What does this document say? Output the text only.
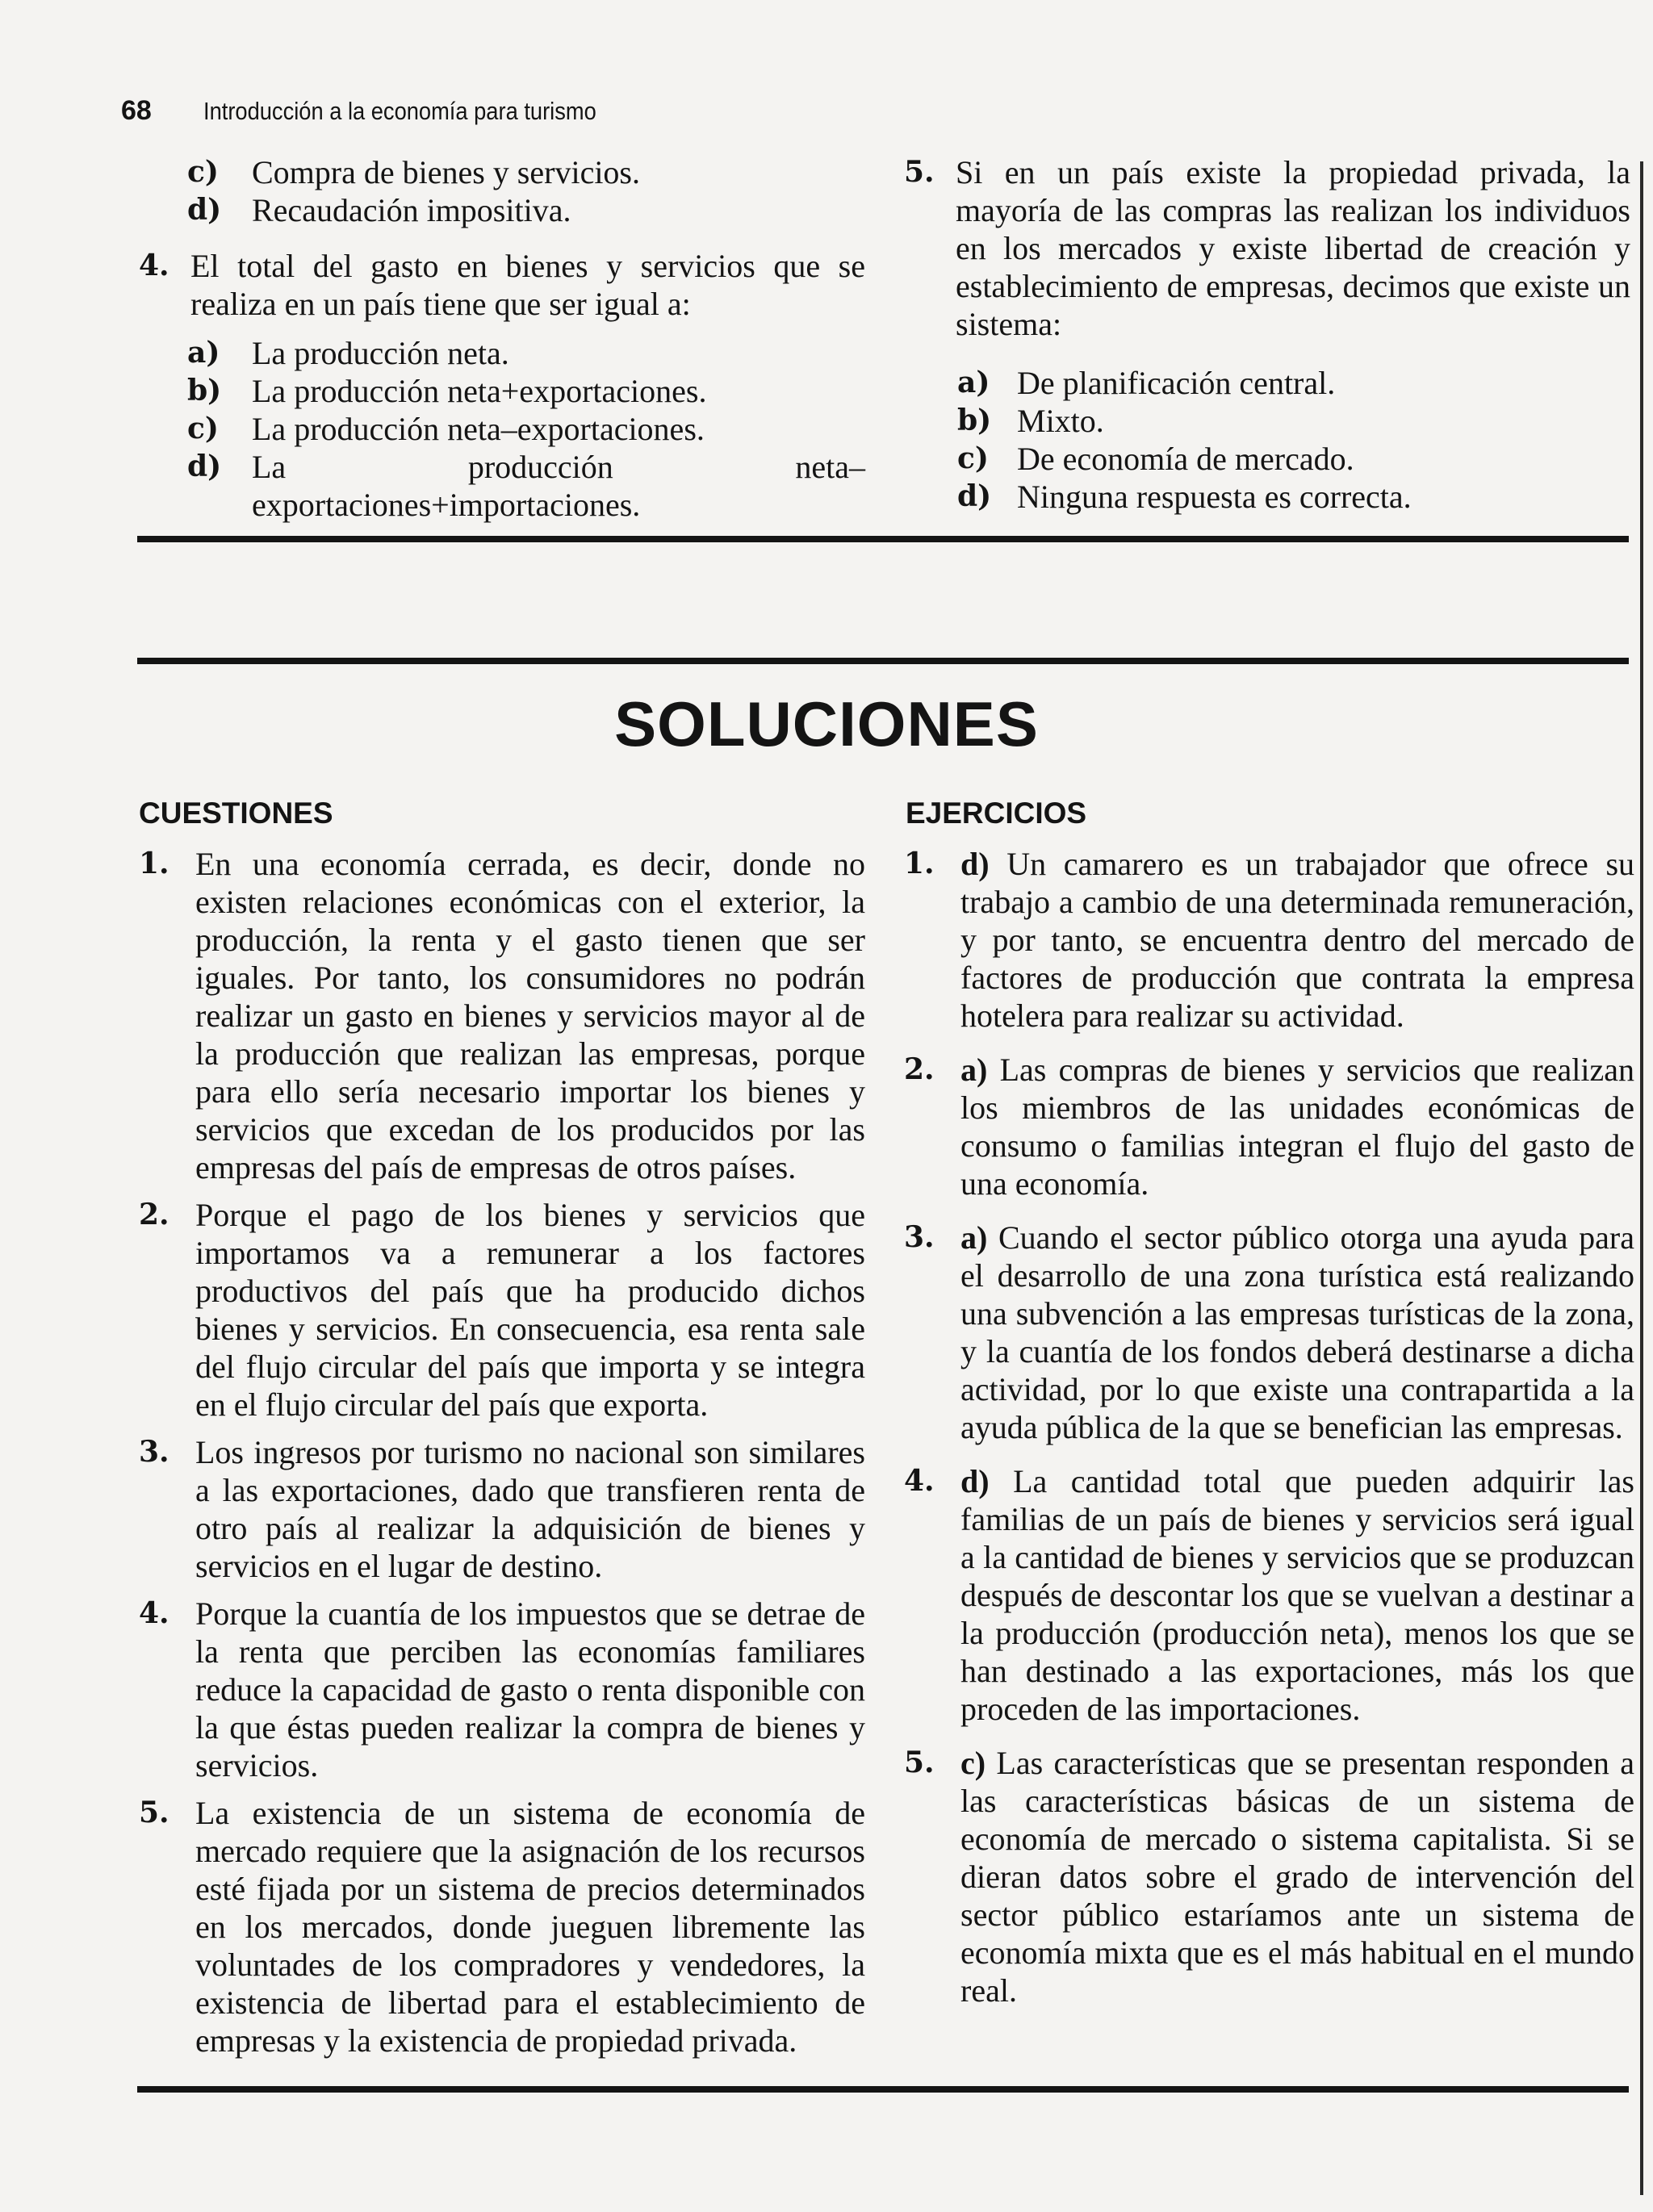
68 Introducción a la economía para turismo
c) Compra de bienes y servicios.
d) Recaudación impositiva.
4. El total del gasto en bienes y servicios que se realiza en un país tiene que ser igual a:
a) La producción neta.
b) La producción neta+exportaciones.
c) La producción neta–exportaciones.
d) La producción neta–exportaciones+importaciones.
5. Si en un país existe la propiedad privada, la mayoría de las compras las realizan los individuos en los mercados y existe libertad de creación y establecimiento de empresas, decimos que existe un sistema:
a) De planificación central.
b) Mixto.
c) De economía de mercado.
d) Ninguna respuesta es correcta.
SOLUCIONES
CUESTIONES	EJERCICIOS
1. En una economía cerrada, es decir, donde no existen relaciones económicas con el exterior, la producción, la renta y el gasto tienen que ser iguales. Por tanto, los consumidores no podrán realizar un gasto en bienes y servicios mayor al de la producción que realizan las empresas, porque para ello sería necesario importar los bienes y servicios que excedan de los producidos por las empresas del país de empresas de otros países.
2. Porque el pago de los bienes y servicios que importamos va a remunerar a los factores productivos del país que ha producido dichos bienes y servicios. En consecuencia, esa renta sale del flujo circular del país que importa y se integra en el flujo circular del país que exporta.
3. Los ingresos por turismo no nacional son similares a las exportaciones, dado que transfieren renta de otro país al realizar la adquisición de bienes y servicios en el lugar de destino.
4. Porque la cuantía de los impuestos que se detrae de la renta que perciben las economías familiares reduce la capacidad de gasto o renta disponible con la que éstas pueden realizar la compra de bienes y servicios.
5. La existencia de un sistema de economía de mercado requiere que la asignación de los recursos esté fijada por un sistema de precios determinados en los mercados, donde jueguen libremente las voluntades de los compradores y vendedores, la existencia de libertad para el establecimiento de empresas y la existencia de propiedad privada.
1. d) Un camarero es un trabajador que ofrece su trabajo a cambio de una determinada remuneración, y por tanto, se encuentra dentro del mercado de factores de producción que contrata la empresa hotelera para realizar su actividad.
2. a) Las compras de bienes y servicios que realizan los miembros de las unidades económicas de consumo o familias integran el flujo del gasto de una economía.
3. a) Cuando el sector público otorga una ayuda para el desarrollo de una zona turística está realizando una subvención a las empresas turísticas de la zona, y la cuantía de los fondos deberá destinarse a dicha actividad, por lo que existe una contrapartida a la ayuda pública de la que se benefician las empresas.
4. d) La cantidad total que pueden adquirir las familias de un país de bienes y servicios será igual a la cantidad de bienes y servicios que se produzcan después de descontar los que se vuelvan a destinar a la producción (producción neta), menos los que se han destinado a las exportaciones, más los que proceden de las importaciones.
5. c) Las características que se presentan responden a las características básicas de un sistema de economía de mercado o sistema capitalista. Si se dieran datos sobre el grado de intervención del sector público estaríamos ante un sistema de economía mixta que es el más habitual en el mundo real.
